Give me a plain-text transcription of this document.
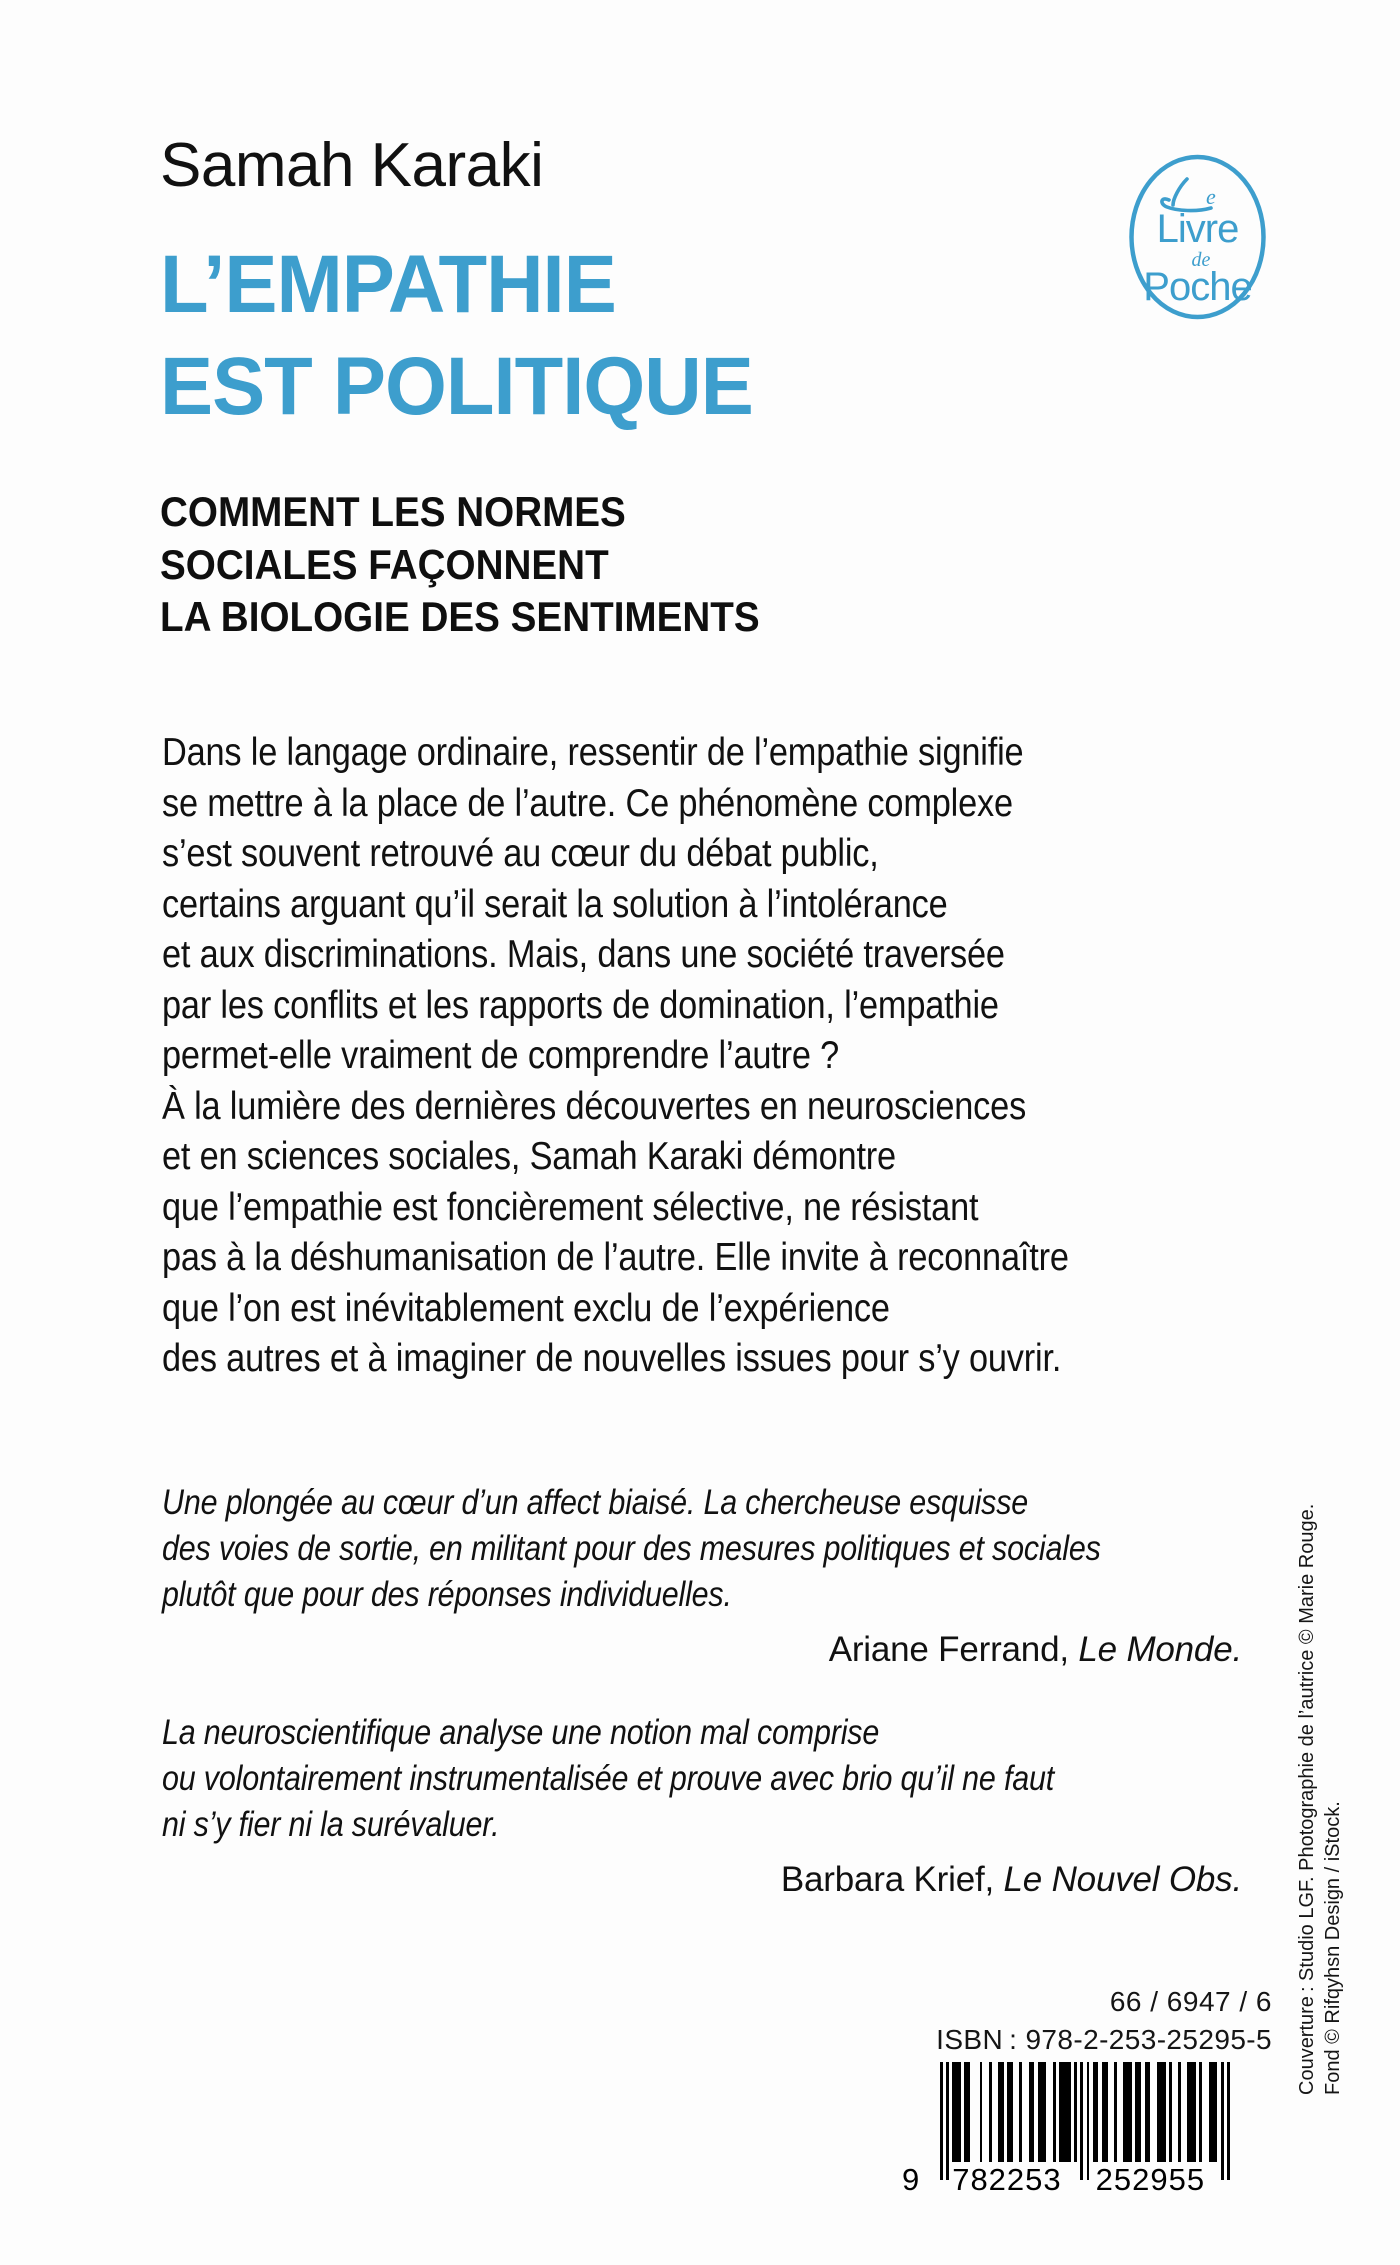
Samah Karaki
L’EMPATHIE
EST POLITIQUE
COMMENT LES NORMES
SOCIALES FAÇONNENT
LA BIOLOGIE DES SENTIMENTS
e
Livre
de
Poche

Dans le langage ordinaire, ressentir de l’empathie signifie

se mettre à la place de l’autre. Ce phénomène complexe

s’est souvent retrouvé au cœur du débat public,

certains arguant qu’il serait la solution à l’intolérance

et aux discriminations. Mais, dans une société traversée

par les conflits et les rapports de domination, l’empathie

permet-elle vraiment de comprendre l’autre ?

À la lumière des dernières découvertes en neurosciences

et en sciences sociales, Samah Karaki démontre

que l’empathie est foncièrement sélective, ne résistant

pas à la déshumanisation de l’autre. Elle invite à reconnaître

que l’on est inévitablement exclu de l’expérience

des autres et à imaginer de nouvelles issues pour s’y ouvrir.

Une plongée au cœur d’un affect biaisé. La chercheuse esquisse

des voies de sortie, en militant pour des mesures politiques et sociales

plutôt que pour des réponses individuelles.

Ariane Ferrand, Le Monde.

La neuroscientifique analyse une notion mal comprise

ou volontairement instrumentalisée et prouve avec brio qu’il ne faut

ni s’y fier ni la surévaluer.

Barbara Krief, Le Nouvel Obs.	Couverture : Studio LGF. Photographie de l’autrice © Marie Rouge. Fond © Rifqyhsn Design / iStock.
66 / 6947 / 6
ISBN : 978-2-253-25295-5
9 782253 252955
